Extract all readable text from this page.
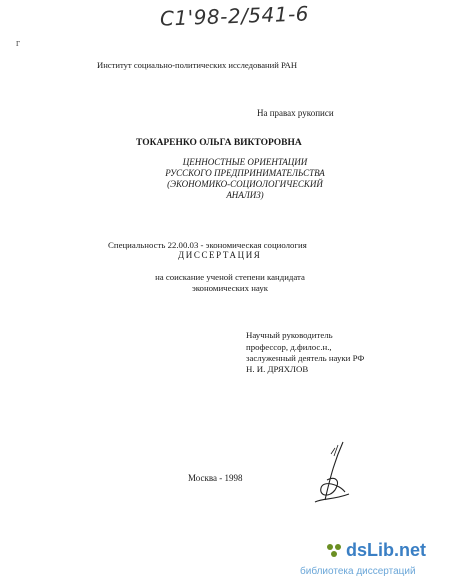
С1'98-2/541-6
г
Институт социально-политических исследований РАН
На правах рукописи
ТОКАРЕНКО ОЛЬГА ВИКТОРОВНА
ЦЕННОСТНЫЕ ОРИЕНТАЦИИ
РУССКОГО ПРЕДПРИНИМАТЕЛЬСТВА
(ЭКОНОМИКО-СОЦИОЛОГИЧЕСКИЙ АНАЛИЗ)
Специальность 22.00.03 - экономическая социология
ДИССЕРТАЦИЯ
на соискание ученой степени кандидата
экономических наук
Научный руководитель
профессор, д.филос.н.,
заслуженный деятель науки РФ
Н. И. ДРЯХЛОВ
Москва - 1998
dsLib.net
библиотека диссертаций
